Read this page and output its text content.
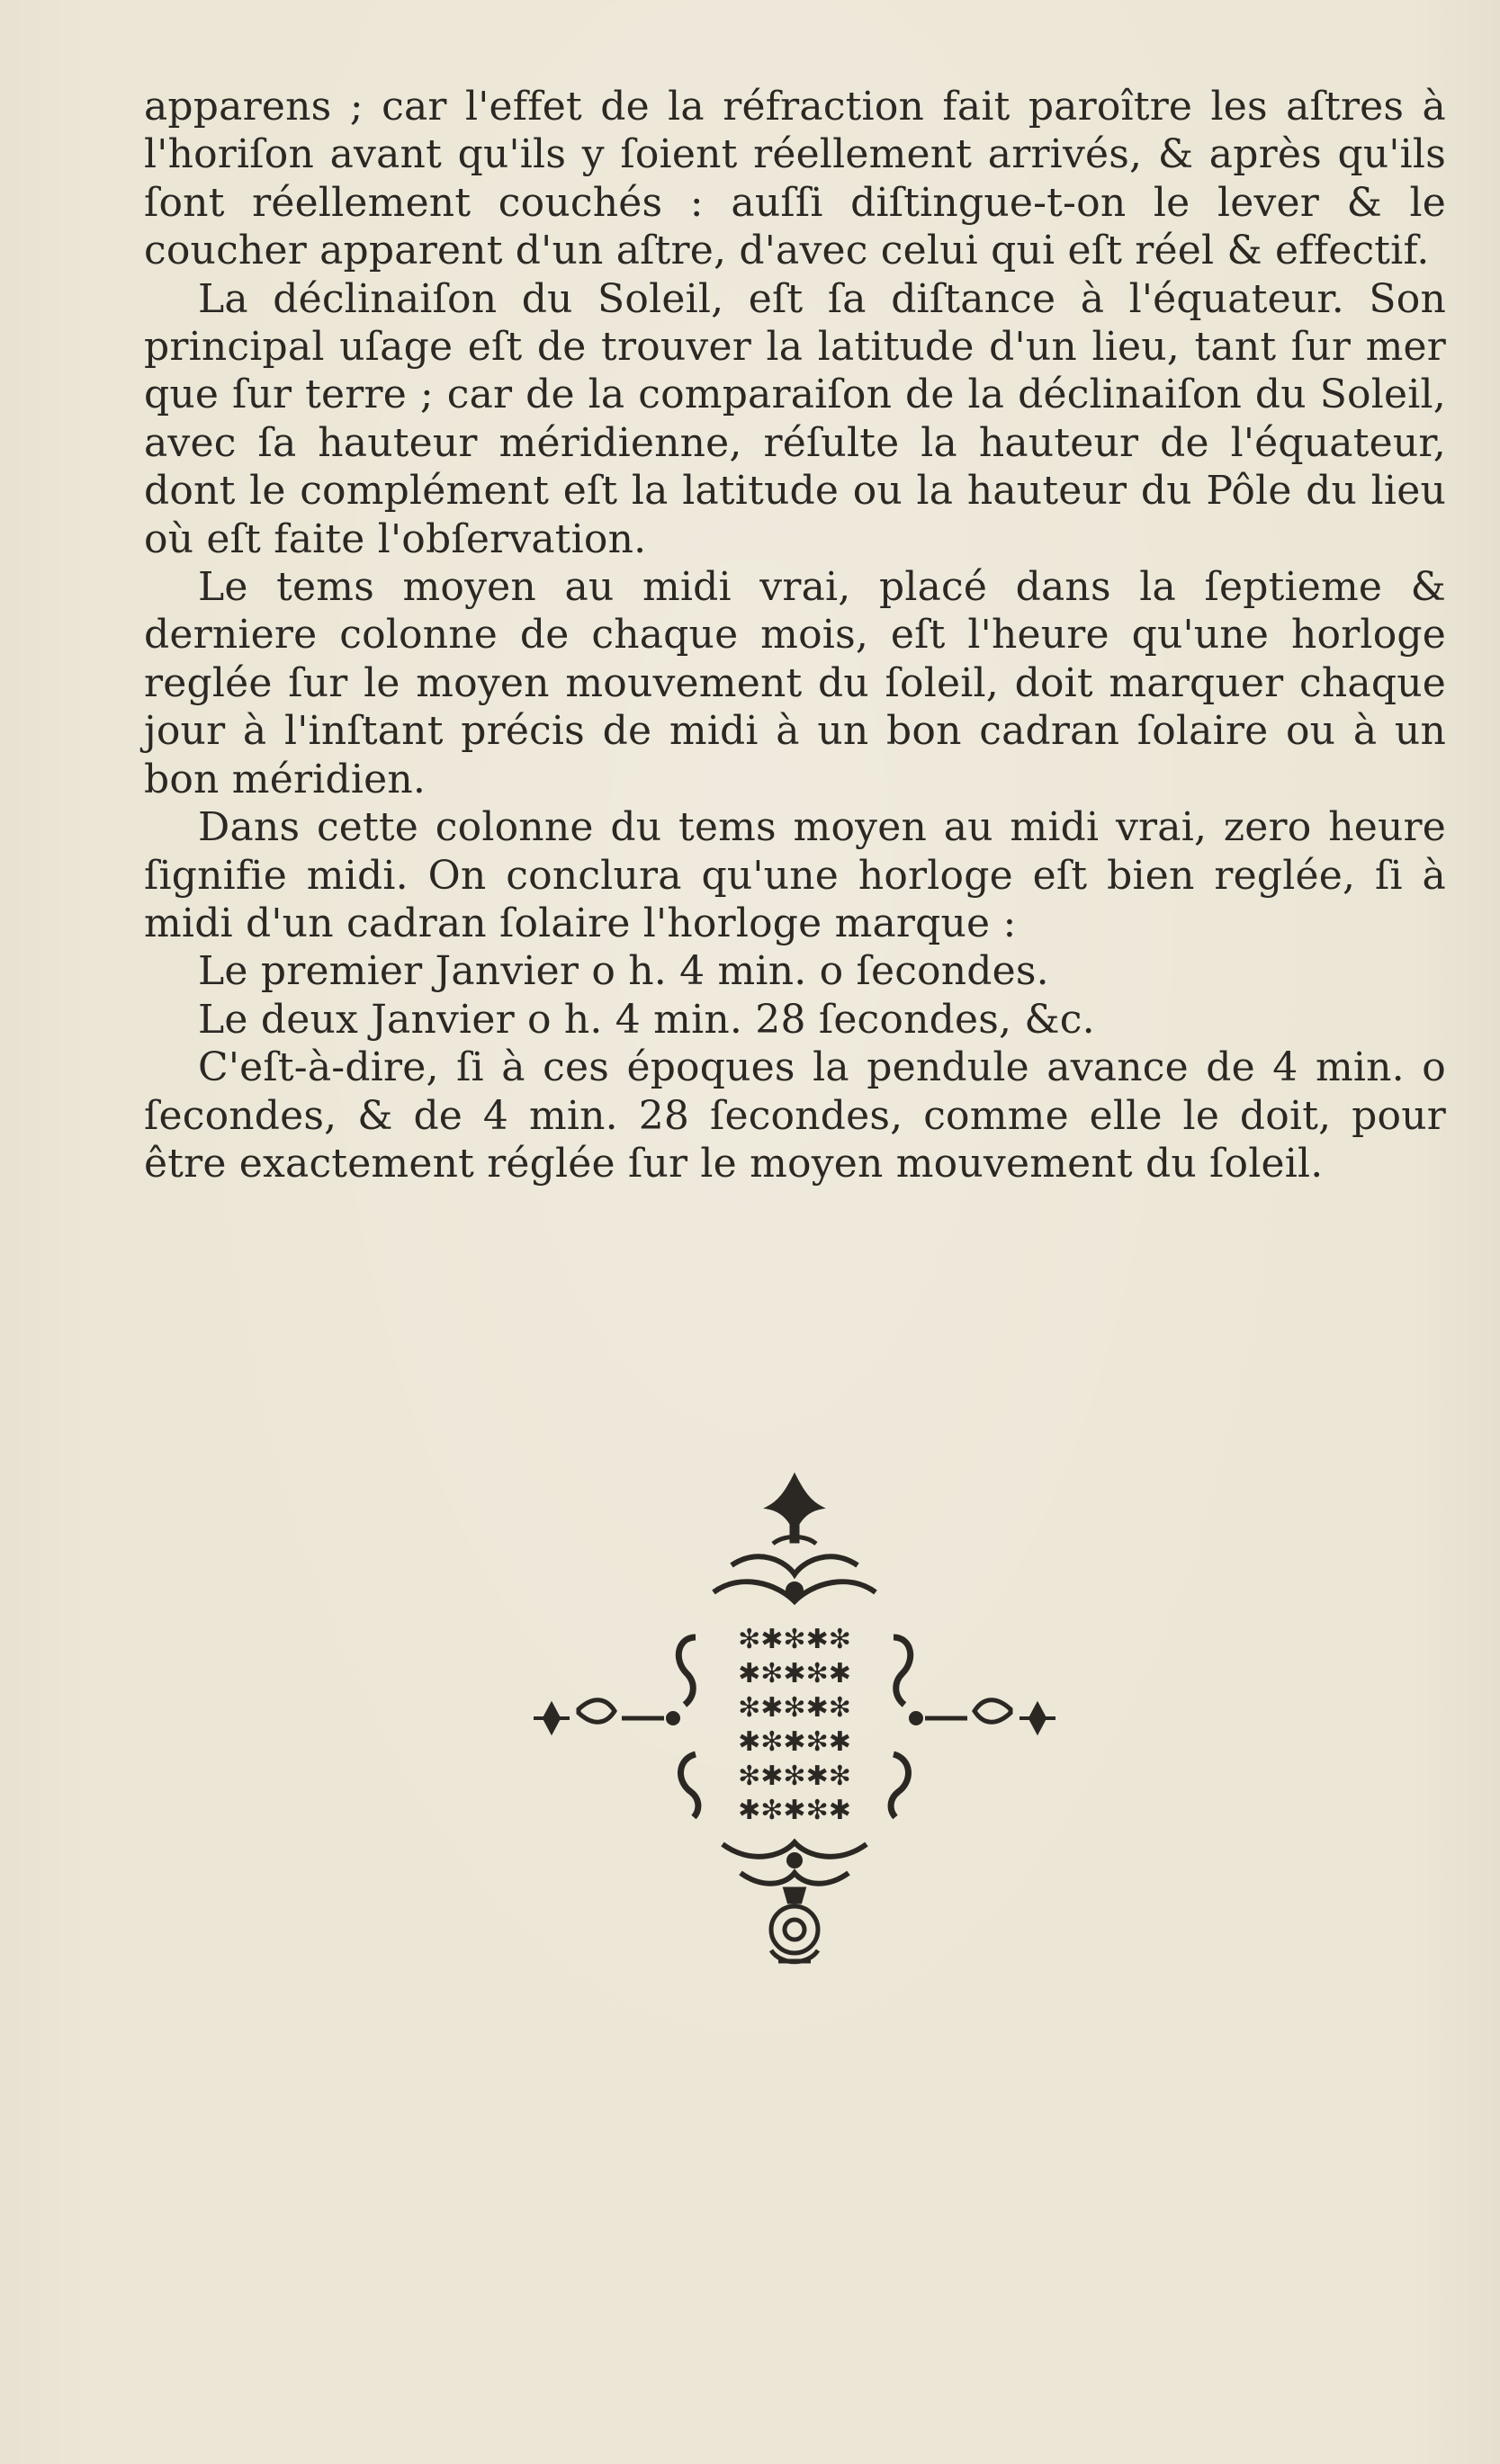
apparens ; car l'effet de la réfraction fait paroître les aſtres à l'horiſon avant qu'ils y ſoient réellement arrivés, & après qu'ils ſont réellement couchés : auſſi diſtingue-t-on le lever & le coucher apparent d'un aſtre, d'avec celui qui eſt réel & effectif.

La déclinaiſon du Soleil, eſt ſa diſtance à l'équateur. Son principal uſage eſt de trouver la latitude d'un lieu, tant ſur mer que ſur terre ; car de la comparaiſon de la déclinaiſon du Soleil, avec ſa hauteur méridienne, réſulte la hauteur de l'équateur, dont le complément eſt la latitude ou la hauteur du Pôle du lieu où eſt faite l'obſervation.

Le tems moyen au midi vrai, placé dans la ſeptieme & derniere colonne de chaque mois, eſt l'heure qu'une horloge reglée ſur le moyen mouvement du ſoleil, doit marquer chaque jour à l'inſtant précis de midi à un bon cadran ſolaire ou à un bon méridien.

Dans cette colonne du tems moyen au midi vrai, zero heure ſignifie midi. On conclura qu'une horloge eſt bien reglée, ſi à midi d'un cadran ſolaire l'horloge marque :

Le premier Janvier o h. 4 min. o ſecondes.

Le deux Janvier o h. 4 min. 28 ſecondes, &c.

C'eſt-à-dire, ſi à ces époques la pendule avance de 4 min. o ſecondes, & de 4 min. 28 ſecondes, comme elle le doit, pour être exactement réglée ſur le moyen mouvement du ſoleil.

✻✱✻✱✻
✱✻✱✻✱
✻✱✻✱✻
✱✻✱✻✱
✻✱✻✱✻
✱✻✱✻✱
